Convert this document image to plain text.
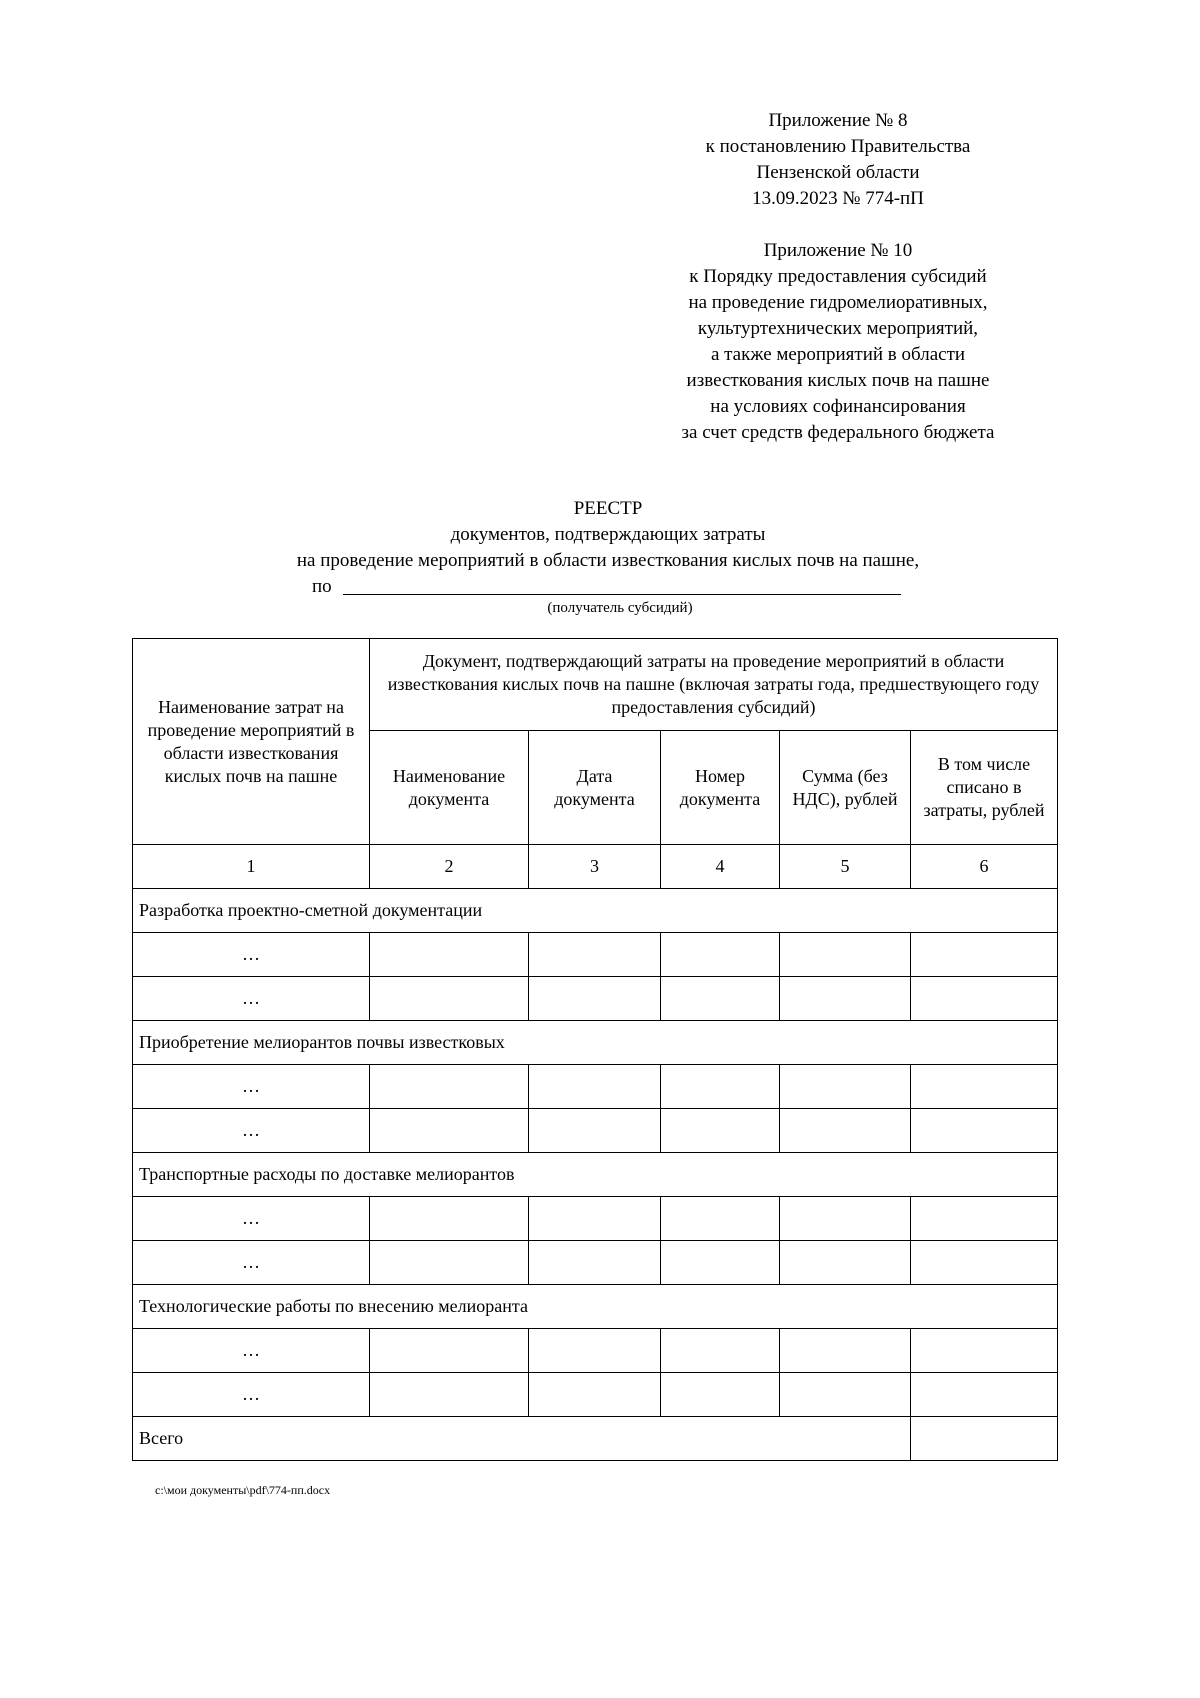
Приложение № 8
к постановлению Правительства
Пензенской области
13.09.2023 № 774-пП
Приложение № 10
к Порядку предоставления субсидий
на проведение гидромелиоративных,
культуртехнических мероприятий,
а также мероприятий в области
известкования кислых почв на пашне
на условиях софинансирования
за счет средств федерального бюджета
РЕЕСТР
документов, подтверждающих затраты
на проведение мероприятий в области известкования кислых почв на пашне,
по
(получатель субсидий)
Наименование затрат на проведение мероприятий в области известкования кислых почв на пашне	Документ, подтверждающий затраты на проведение мероприятий в области известкования кислых почв на пашне (включая затраты года, предшествующего году предоставления субсидий)				
	Наименование документа	Дата документа	Номер документа	Сумма (без НДС), рублей	В том числе списано в затраты, рублей
1	2	3	4	5	6
Разработка проектно-сметной документации					
…					
…					
Приобретение мелиорантов почвы известковых					
…					
…					
Транспортные расходы по доставке мелиорантов					
…					
…					
Технологические работы по внесению мелиоранта					
…					
…					
Всего					
c:\мои документы\pdf\774-пп.docx
